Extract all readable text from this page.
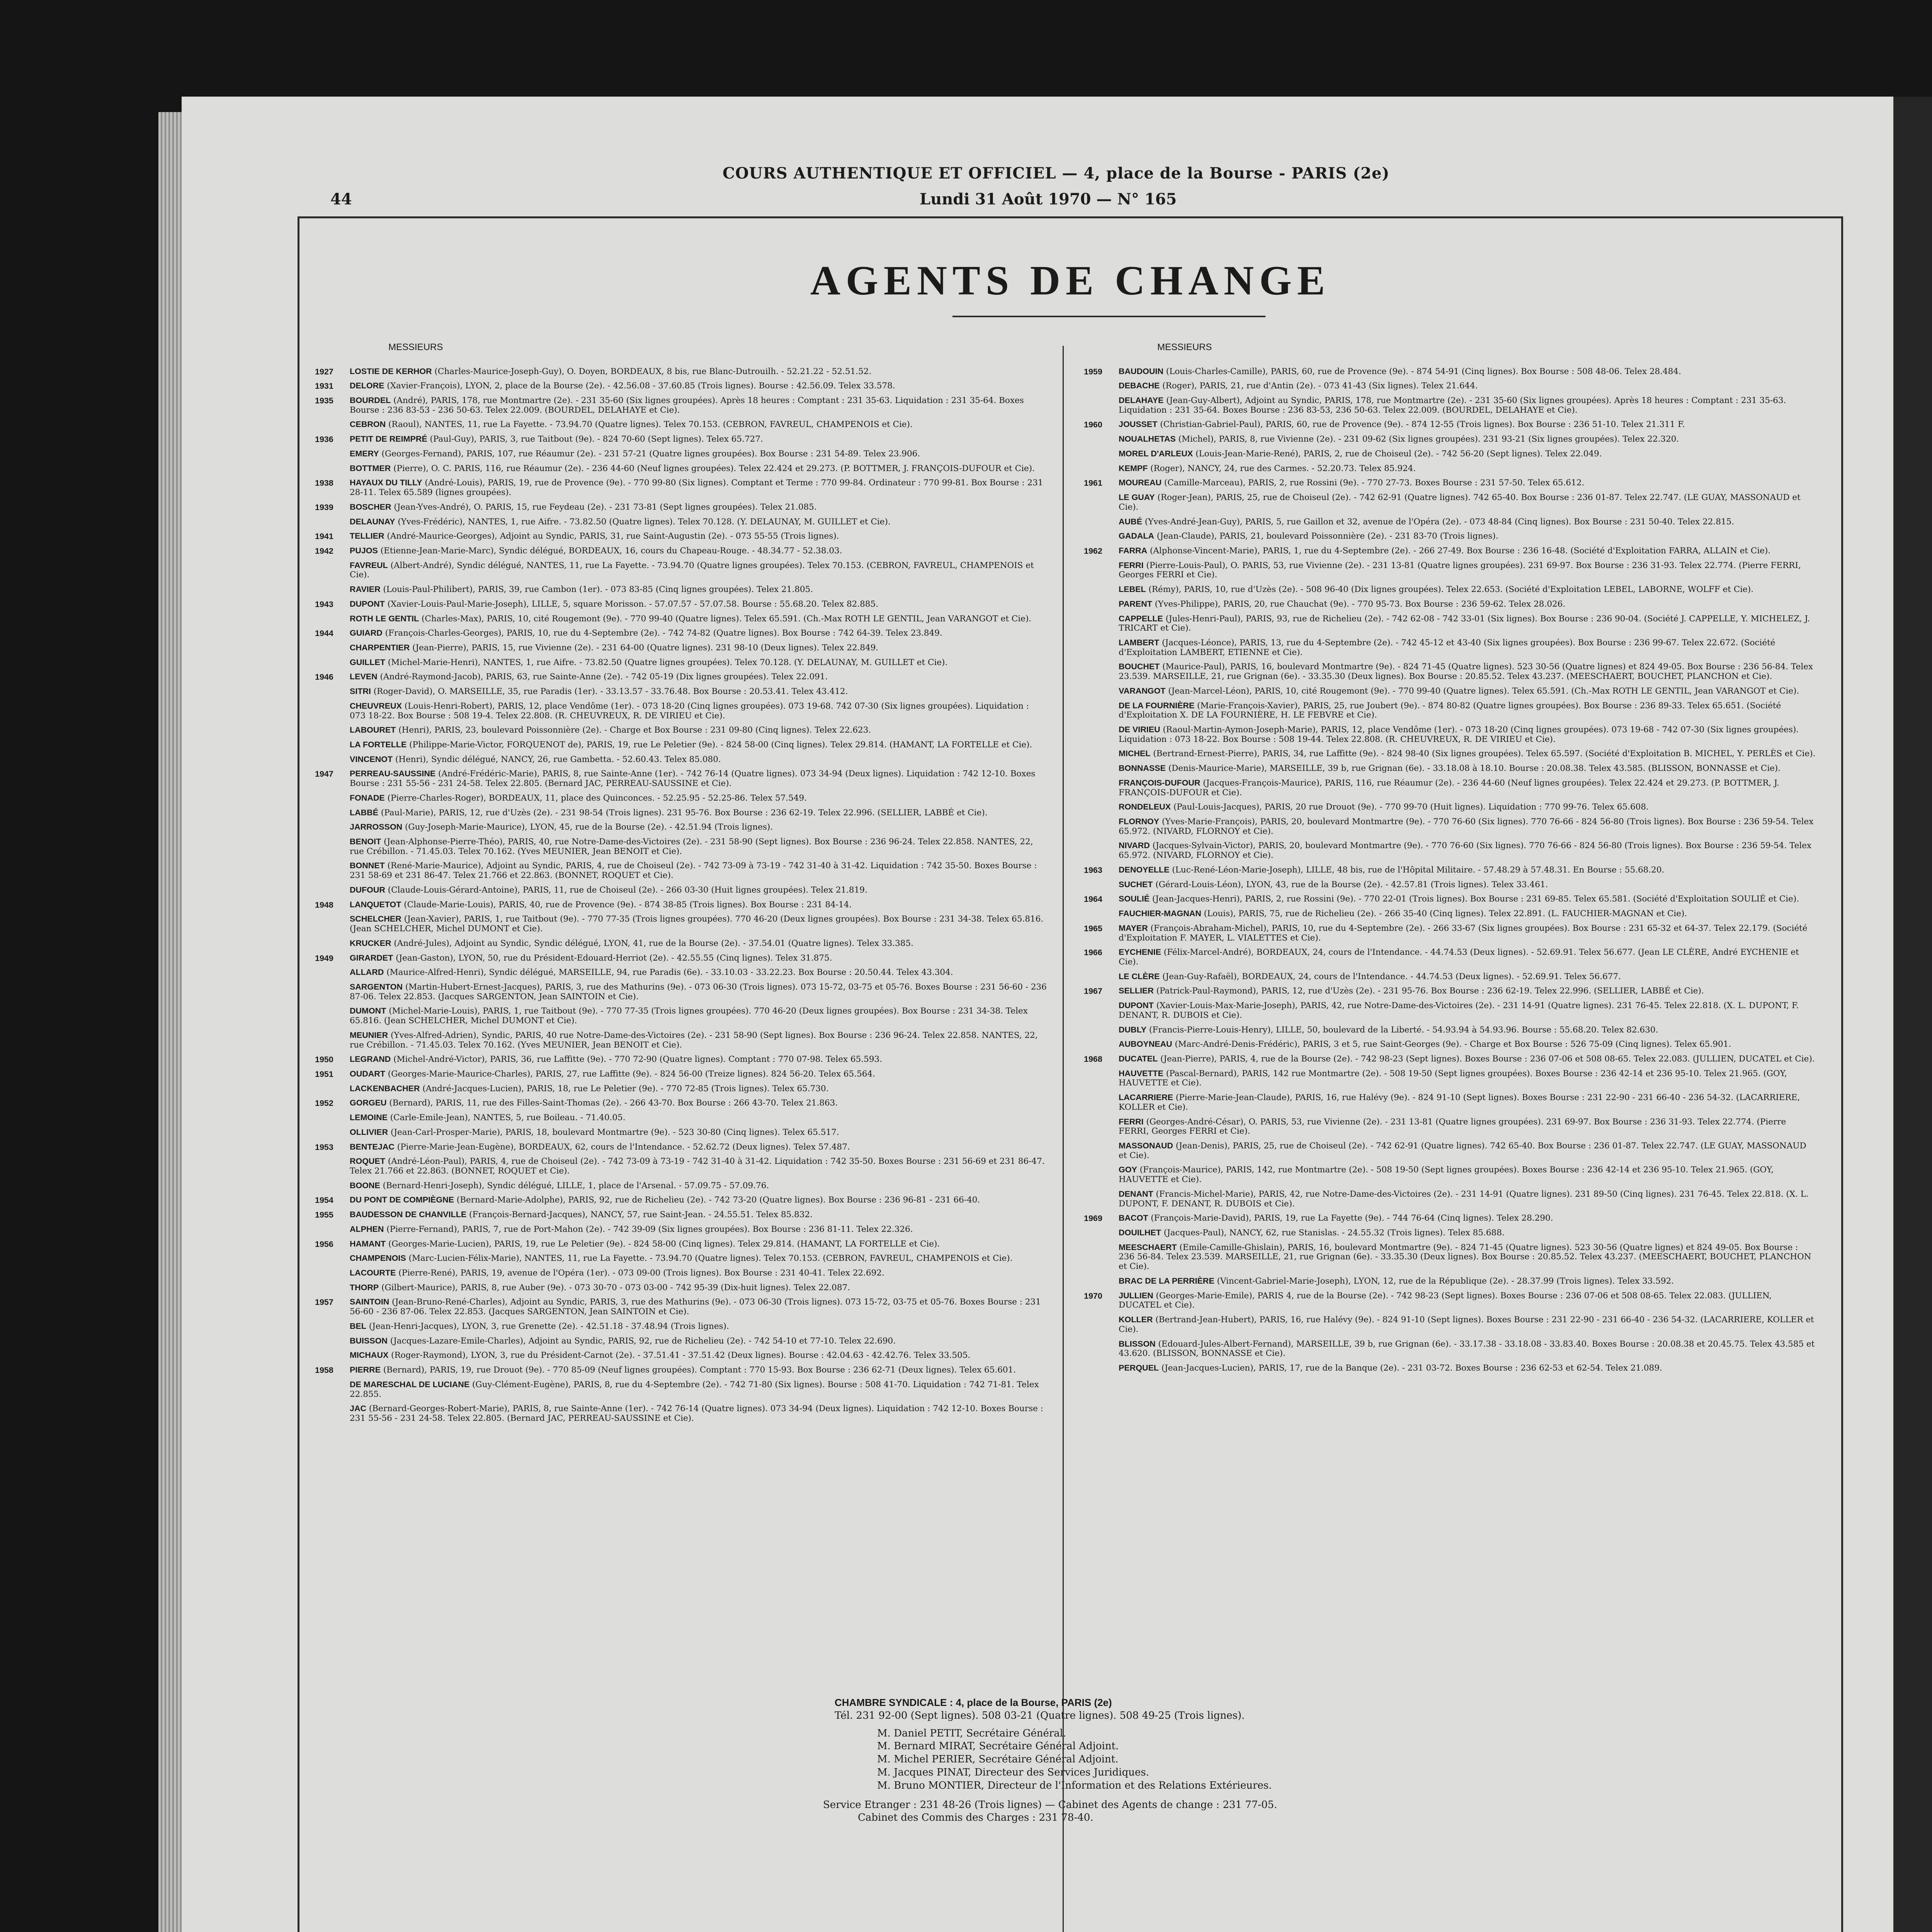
COURS AUTHENTIQUE ET OFFICIEL — 4, place de la Bourse - PARIS (2e)
44	Lundi 31 Août 1970 — N° 165
AGENTS DE CHANGE
MESSIEURS
1927	LOSTIE DE KERHOR (Charles-Maurice-Joseph-Guy), O. Doyen, BORDEAUX, 8 bis, rue Blanc-Dutrouilh. - 52.21.22 - 52.51.52.
1931	DELORE (Xavier-François), LYON, 2, place de la Bourse (2e). - 42.56.08 - 37.60.85 (Trois lignes). Bourse : 42.56.09. Telex 33.578.
1935	BOURDEL (André), PARIS, 178, rue Montmartre (2e). - 231 35-60 (Six lignes groupées). Après 18 heures : Comptant : 231 35-63. Liquidation : 231 35-64. Boxes Bourse : 236 83-53 - 236 50-63. Telex 22.009. (BOURDEL, DELAHAYE et Cie).
CEBRON (Raoul), NANTES, 11, rue La Fayette. - 73.94.70 (Quatre lignes). Telex 70.153. (CEBRON, FAVREUL, CHAMPENOIS et Cie).
1936	PETIT DE REIMPRÉ (Paul-Guy), PARIS, 3, rue Taitbout (9e). - 824 70-60 (Sept lignes). Telex 65.727.
EMERY (Georges-Fernand), PARIS, 107, rue Réaumur (2e). - 231 57-21 (Quatre lignes groupées). Box Bourse : 231 54-89. Telex 23.906.
BOTTMER (Pierre), O. C. PARIS, 116, rue Réaumur (2e). - 236 44-60 (Neuf lignes groupées). Telex 22.424 et 29.273. (P. BOTTMER, J. FRANÇOIS-DUFOUR et Cie).
1938	HAYAUX DU TILLY (André-Louis), PARIS, 19, rue de Provence (9e). - 770 99-80 (Six lignes). Comptant et Terme : 770 99-84. Ordinateur : 770 99-81. Box Bourse : 231 28-11. Telex 65.589 (lignes groupées).
1939	BOSCHER (Jean-Yves-André), O. PARIS, 15, rue Feydeau (2e). - 231 73-81 (Sept lignes groupées). Telex 21.085.
DELAUNAY (Yves-Frédéric), NANTES, 1, rue Aifre. - 73.82.50 (Quatre lignes). Telex 70.128. (Y. DELAUNAY, M. GUILLET et Cie).
1941	TELLIER (André-Maurice-Georges), Adjoint au Syndic, PARIS, 31, rue Saint-Augustin (2e). - 073 55-55 (Trois lignes).
1942	PUJOS (Etienne-Jean-Marie-Marc), Syndic délégué, BORDEAUX, 16, cours du Chapeau-Rouge. - 48.34.77 - 52.38.03.
FAVREUL (Albert-André), Syndic délégué, NANTES, 11, rue La Fayette. - 73.94.70 (Quatre lignes groupées). Telex 70.153. (CEBRON, FAVREUL, CHAMPENOIS et Cie).
RAVIER (Louis-Paul-Philibert), PARIS, 39, rue Cambon (1er). - 073 83-85 (Cinq lignes groupées). Telex 21.805.
1943	DUPONT (Xavier-Louis-Paul-Marie-Joseph), LILLE, 5, square Morisson. - 57.07.57 - 57.07.58. Bourse : 55.68.20. Telex 82.885.
ROTH LE GENTIL (Charles-Max), PARIS, 10, cité Rougemont (9e). - 770 99-40 (Quatre lignes). Telex 65.591. (Ch.-Max ROTH LE GENTIL, Jean VARANGOT et Cie).
1944	GUIARD (François-Charles-Georges), PARIS, 10, rue du 4-Septembre (2e). - 742 74-82 (Quatre lignes). Box Bourse : 742 64-39. Telex 23.849.
CHARPENTIER (Jean-Pierre), PARIS, 15, rue Vivienne (2e). - 231 64-00 (Quatre lignes). 231 98-10 (Deux lignes). Telex 22.849.
GUILLET (Michel-Marie-Henri), NANTES, 1, rue Aifre. - 73.82.50 (Quatre lignes groupées). Telex 70.128. (Y. DELAUNAY, M. GUILLET et Cie).
1946	LEVEN (André-Raymond-Jacob), PARIS, 63, rue Sainte-Anne (2e). - 742 05-19 (Dix lignes groupées). Telex 22.091.
SITRI (Roger-David), O. MARSEILLE, 35, rue Paradis (1er). - 33.13.57 - 33.76.48. Box Bourse : 20.53.41. Telex 43.412.
CHEUVREUX (Louis-Henri-Robert), PARIS, 12, place Vendôme (1er). - 073 18-20 (Cinq lignes groupées). 073 19-68. 742 07-30 (Six lignes groupées). Liquidation : 073 18-22. Box Bourse : 508 19-4. Telex 22.808. (R. CHEUVREUX, R. DE VIRIEU et Cie).
LABOURET (Henri), PARIS, 23, boulevard Poissonnière (2e). - Charge et Box Bourse : 231 09-80 (Cinq lignes). Telex 22.623.
LA FORTELLE (Philippe-Marie-Victor, FORQUENOT de), PARIS, 19, rue Le Peletier (9e). - 824 58-00 (Cinq lignes). Telex 29.814. (HAMANT, LA FORTELLE et Cie).
VINCENOT (Henri), Syndic délégué, NANCY, 26, rue Gambetta. - 52.60.43. Telex 85.080.
1947	PERREAU-SAUSSINE (André-Frédéric-Marie), PARIS, 8, rue Sainte-Anne (1er). - 742 76-14 (Quatre lignes). 073 34-94 (Deux lignes). Liquidation : 742 12-10. Boxes Bourse : 231 55-56 - 231 24-58. Telex 22.805. (Bernard JAC, PERREAU-SAUSSINE et Cie).
FONADE (Pierre-Charles-Roger), BORDEAUX, 11, place des Quinconces. - 52.25.95 - 52.25-86. Telex 57.549.
LABBÉ (Paul-Marie), PARIS, 12, rue d'Uzès (2e). - 231 98-54 (Trois lignes). 231 95-76. Box Bourse : 236 62-19. Telex 22.996. (SELLIER, LABBÉ et Cie).
JARROSSON (Guy-Joseph-Marie-Maurice), LYON, 45, rue de la Bourse (2e). - 42.51.94 (Trois lignes).
BENOIT (Jean-Alphonse-Pierre-Théo), PARIS, 40, rue Notre-Dame-des-Victoires (2e). - 231 58-90 (Sept lignes). Box Bourse : 236 96-24. Telex 22.858. NANTES, 22, rue Crébillon. - 71.45.03. Telex 70.162. (Yves MEUNIER, Jean BENOIT et Cie).
BONNET (René-Marie-Maurice), Adjoint au Syndic, PARIS, 4, rue de Choiseul (2e). - 742 73-09 à 73-19 - 742 31-40 à 31-42. Liquidation : 742 35-50. Boxes Bourse : 231 58-69 et 231 86-47. Telex 21.766 et 22.863. (BONNET, ROQUET et Cie).
DUFOUR (Claude-Louis-Gérard-Antoine), PARIS, 11, rue de Choiseul (2e). - 266 03-30 (Huit lignes groupées). Telex 21.819.
1948	LANQUETOT (Claude-Marie-Louis), PARIS, 40, rue de Provence (9e). - 874 38-85 (Trois lignes). Box Bourse : 231 84-14.
SCHELCHER (Jean-Xavier), PARIS, 1, rue Taitbout (9e). - 770 77-35 (Trois lignes groupées). 770 46-20 (Deux lignes groupées). Box Bourse : 231 34-38. Telex 65.816. (Jean SCHELCHER, Michel DUMONT et Cie).
KRUCKER (André-Jules), Adjoint au Syndic, Syndic délégué, LYON, 41, rue de la Bourse (2e). - 37.54.01 (Quatre lignes). Telex 33.385.
1949	GIRARDET (Jean-Gaston), LYON, 50, rue du Président-Edouard-Herriot (2e). - 42.55.55 (Cinq lignes). Telex 31.875.
ALLARD (Maurice-Alfred-Henri), Syndic délégué, MARSEILLE, 94, rue Paradis (6e). - 33.10.03 - 33.22.23. Box Bourse : 20.50.44. Telex 43.304.
SARGENTON (Martin-Hubert-Ernest-Jacques), PARIS, 3, rue des Mathurins (9e). - 073 06-30 (Trois lignes). 073 15-72, 03-75 et 05-76. Boxes Bourse : 231 56-60 - 236 87-06. Telex 22.853. (Jacques SARGENTON, Jean SAINTOIN et Cie).
DUMONT (Michel-Marie-Louis), PARIS, 1, rue Taitbout (9e). - 770 77-35 (Trois lignes groupées). 770 46-20 (Deux lignes groupées). Box Bourse : 231 34-38. Telex 65.816. (Jean SCHELCHER, Michel DUMONT et Cie).
MEUNIER (Yves-Alfred-Adrien), Syndic, PARIS, 40 rue Notre-Dame-des-Victoires (2e). - 231 58-90 (Sept lignes). Box Bourse : 236 96-24. Telex 22.858. NANTES, 22, rue Crébillon. - 71.45.03. Telex 70.162. (Yves MEUNIER, Jean BENOIT et Cie).
1950	LEGRAND (Michel-André-Victor), PARIS, 36, rue Laffitte (9e). - 770 72-90 (Quatre lignes). Comptant : 770 07-98. Telex 65.593.
1951	OUDART (Georges-Marie-Maurice-Charles), PARIS, 27, rue Laffitte (9e). - 824 56-00 (Treize lignes). 824 56-20. Telex 65.564.
LACKENBACHER (André-Jacques-Lucien), PARIS, 18, rue Le Peletier (9e). - 770 72-85 (Trois lignes). Telex 65.730.
1952	GORGEU (Bernard), PARIS, 11, rue des Filles-Saint-Thomas (2e). - 266 43-70. Box Bourse : 266 43-70. Telex 21.863.
LEMOINE (Carle-Emile-Jean), NANTES, 5, rue Boileau. - 71.40.05.
OLLIVIER (Jean-Carl-Prosper-Marie), PARIS, 18, boulevard Montmartre (9e). - 523 30-80 (Cinq lignes). Telex 65.517.
1953	BENTEJAC (Pierre-Marie-Jean-Eugène), BORDEAUX, 62, cours de l'Intendance. - 52.62.72 (Deux lignes). Telex 57.487.
ROQUET (André-Léon-Paul), PARIS, 4, rue de Choiseul (2e). - 742 73-09 à 73-19 - 742 31-40 à 31-42. Liquidation : 742 35-50. Boxes Bourse : 231 56-69 et 231 86-47. Telex 21.766 et 22.863. (BONNET, ROQUET et Cie).
BOONE (Bernard-Henri-Joseph), Syndic délégué, LILLE, 1, place de l'Arsenal. - 57.09.75 - 57.09.76.
1954	DU PONT DE COMPIÈGNE (Bernard-Marie-Adolphe), PARIS, 92, rue de Richelieu (2e). - 742 73-20 (Quatre lignes). Box Bourse : 236 96-81 - 231 66-40.
1955	BAUDESSON DE CHANVILLE (François-Bernard-Jacques), NANCY, 57, rue Saint-Jean. - 24.55.51. Telex 85.832.
ALPHEN (Pierre-Fernand), PARIS, 7, rue de Port-Mahon (2e). - 742 39-09 (Six lignes groupées). Box Bourse : 236 81-11. Telex 22.326.
1956	HAMANT (Georges-Marie-Lucien), PARIS, 19, rue Le Peletier (9e). - 824 58-00 (Cinq lignes). Telex 29.814. (HAMANT, LA FORTELLE et Cie).
CHAMPENOIS (Marc-Lucien-Félix-Marie), NANTES, 11, rue La Fayette. - 73.94.70 (Quatre lignes). Telex 70.153. (CEBRON, FAVREUL, CHAMPENOIS et Cie).
LACOURTE (Pierre-René), PARIS, 19, avenue de l'Opéra (1er). - 073 09-00 (Trois lignes). Box Bourse : 231 40-41. Telex 22.692.
THORP (Gilbert-Maurice), PARIS, 8, rue Auber (9e). - 073 30-70 - 073 03-00 - 742 95-39 (Dix-huit lignes). Telex 22.087.
1957	SAINTOIN (Jean-Bruno-René-Charles), Adjoint au Syndic, PARIS, 3, rue des Mathurins (9e). - 073 06-30 (Trois lignes). 073 15-72, 03-75 et 05-76. Boxes Bourse : 231 56-60 - 236 87-06. Telex 22.853. (Jacques SARGENTON, Jean SAINTOIN et Cie).
BEL (Jean-Henri-Jacques), LYON, 3, rue Grenette (2e). - 42.51.18 - 37.48.94 (Trois lignes).
BUISSON (Jacques-Lazare-Emile-Charles), Adjoint au Syndic, PARIS, 92, rue de Richelieu (2e). - 742 54-10 et 77-10. Telex 22.690.
MICHAUX (Roger-Raymond), LYON, 3, rue du Président-Carnot (2e). - 37.51.41 - 37.51.42 (Deux lignes). Bourse : 42.04.63 - 42.42.76. Telex 33.505.
1958	PIERRE (Bernard), PARIS, 19, rue Drouot (9e). - 770 85-09 (Neuf lignes groupées). Comptant : 770 15-93. Box Bourse : 236 62-71 (Deux lignes). Telex 65.601.
DE MARESCHAL DE LUCIANE (Guy-Clément-Eugène), PARIS, 8, rue du 4-Septembre (2e). - 742 71-80 (Six lignes). Bourse : 508 41-70. Liquidation : 742 71-81. Telex 22.855.
JAC (Bernard-Georges-Robert-Marie), PARIS, 8, rue Sainte-Anne (1er). - 742 76-14 (Quatre lignes). 073 34-94 (Deux lignes). Liquidation : 742 12-10. Boxes Bourse : 231 55-56 - 231 24-58. Telex 22.805. (Bernard JAC, PERREAU-SAUSSINE et Cie).
MESSIEURS
1959	BAUDOUIN (Louis-Charles-Camille), PARIS, 60, rue de Provence (9e). - 874 54-91 (Cinq lignes). Box Bourse : 508 48-06. Telex 28.484.
DEBACHE (Roger), PARIS, 21, rue d'Antin (2e). - 073 41-43 (Six lignes). Telex 21.644.
DELAHAYE (Jean-Guy-Albert), Adjoint au Syndic, PARIS, 178, rue Montmartre (2e). - 231 35-60 (Six lignes groupées). Après 18 heures : Comptant : 231 35-63. Liquidation : 231 35-64. Boxes Bourse : 236 83-53, 236 50-63. Telex 22.009. (BOURDEL, DELAHAYE et Cie).
1960	JOUSSET (Christian-Gabriel-Paul), PARIS, 60, rue de Provence (9e). - 874 12-55 (Trois lignes). Box Bourse : 236 51-10. Telex 21.311 F.
NOUALHETAS (Michel), PARIS, 8, rue Vivienne (2e). - 231 09-62 (Six lignes groupées). 231 93-21 (Six lignes groupées). Telex 22.320.
MOREL D'ARLEUX (Louis-Jean-Marie-René), PARIS, 2, rue de Choiseul (2e). - 742 56-20 (Sept lignes). Telex 22.049.
KEMPF (Roger), NANCY, 24, rue des Carmes. - 52.20.73. Telex 85.924.
1961	MOUREAU (Camille-Marceau), PARIS, 2, rue Rossini (9e). - 770 27-73. Boxes Bourse : 231 57-50. Telex 65.612.
LE GUAY (Roger-Jean), PARIS, 25, rue de Choiseul (2e). - 742 62-91 (Quatre lignes). 742 65-40. Box Bourse : 236 01-87. Telex 22.747. (LE GUAY, MASSONAUD et Cie).
AUBÉ (Yves-André-Jean-Guy), PARIS, 5, rue Gaillon et 32, avenue de l'Opéra (2e). - 073 48-84 (Cinq lignes). Box Bourse : 231 50-40. Telex 22.815.
GADALA (Jean-Claude), PARIS, 21, boulevard Poissonnière (2e). - 231 83-70 (Trois lignes).
1962	FARRA (Alphonse-Vincent-Marie), PARIS, 1, rue du 4-Septembre (2e). - 266 27-49. Box Bourse : 236 16-48. (Société d'Exploitation FARRA, ALLAIN et Cie).
FERRI (Pierre-Louis-Paul), O. PARIS, 53, rue Vivienne (2e). - 231 13-81 (Quatre lignes groupées). 231 69-97. Box Bourse : 236 31-93. Telex 22.774. (Pierre FERRI, Georges FERRI et Cie).
LEBEL (Rémy), PARIS, 10, rue d'Uzès (2e). - 508 96-40 (Dix lignes groupées). Telex 22.653. (Société d'Exploitation LEBEL, LABORNE, WOLFF et Cie).
PARENT (Yves-Philippe), PARIS, 20, rue Chauchat (9e). - 770 95-73. Box Bourse : 236 59-62. Telex 28.026.
CAPPELLE (Jules-Henri-Paul), PARIS, 93, rue de Richelieu (2e). - 742 62-08 - 742 33-01 (Six lignes). Box Bourse : 236 90-04. (Société J. CAPPELLE, Y. MICHELEZ, J. TRICART et Cie).
LAMBERT (Jacques-Léonce), PARIS, 13, rue du 4-Septembre (2e). - 742 45-12 et 43-40 (Six lignes groupées). Box Bourse : 236 99-67. Telex 22.672. (Société d'Exploitation LAMBERT, ETIENNE et Cie).
BOUCHET (Maurice-Paul), PARIS, 16, boulevard Montmartre (9e). - 824 71-45 (Quatre lignes). 523 30-56 (Quatre lignes) et 824 49-05. Box Bourse : 236 56-84. Telex 23.539. MARSEILLE, 21, rue Grignan (6e). - 33.35.30 (Deux lignes). Box Bourse : 20.85.52. Telex 43.237. (MEESCHAERT, BOUCHET, PLANCHON et Cie).
VARANGOT (Jean-Marcel-Léon), PARIS, 10, cité Rougemont (9e). - 770 99-40 (Quatre lignes). Telex 65.591. (Ch.-Max ROTH LE GENTIL, Jean VARANGOT et Cie).
DE LA FOURNIÈRE (Marie-François-Xavier), PARIS, 25, rue Joubert (9e). - 874 80-82 (Quatre lignes groupées). Box Bourse : 236 89-33. Telex 65.651. (Société d'Exploitation X. DE LA FOURNIÈRE, H. LE FEBVRE et Cie).
DE VIRIEU (Raoul-Martin-Aymon-Joseph-Marie), PARIS, 12, place Vendôme (1er). - 073 18-20 (Cinq lignes groupées). 073 19-68 - 742 07-30 (Six lignes groupées). Liquidation : 073 18-22. Box Bourse : 508 19-44. Telex 22.808. (R. CHEUVREUX, R. DE VIRIEU et Cie).
MICHEL (Bertrand-Ernest-Pierre), PARIS, 34, rue Laffitte (9e). - 824 98-40 (Six lignes groupées). Telex 65.597. (Société d'Exploitation B. MICHEL, Y. PERLÈS et Cie).
BONNASSE (Denis-Maurice-Marie), MARSEILLE, 39 b, rue Grignan (6e). - 33.18.08 à 18.10. Bourse : 20.08.38. Telex 43.585. (BLISSON, BONNASSE et Cie).
FRANÇOIS-DUFOUR (Jacques-François-Maurice), PARIS, 116, rue Réaumur (2e). - 236 44-60 (Neuf lignes groupées). Telex 22.424 et 29.273. (P. BOTTMER, J. FRANÇOIS-DUFOUR et Cie).
RONDELEUX (Paul-Louis-Jacques), PARIS, 20 rue Drouot (9e). - 770 99-70 (Huit lignes). Liquidation : 770 99-76. Telex 65.608.
FLORNOY (Yves-Marie-François), PARIS, 20, boulevard Montmartre (9e). - 770 76-60 (Six lignes). 770 76-66 - 824 56-80 (Trois lignes). Box Bourse : 236 59-54. Telex 65.972. (NIVARD, FLORNOY et Cie).
NIVARD (Jacques-Sylvain-Victor), PARIS, 20, boulevard Montmartre (9e). - 770 76-60 (Six lignes). 770 76-66 - 824 56-80 (Trois lignes). Box Bourse : 236 59-54. Telex 65.972. (NIVARD, FLORNOY et Cie).
1963	DENOYELLE (Luc-René-Léon-Marie-Joseph), LILLE, 48 bis, rue de l'Hôpital Militaire. - 57.48.29 à 57.48.31. En Bourse : 55.68.20.
SUCHET (Gérard-Louis-Léon), LYON, 43, rue de la Bourse (2e). - 42.57.81 (Trois lignes). Telex 33.461.
1964	SOULIÉ (Jean-Jacques-Henri), PARIS, 2, rue Rossini (9e). - 770 22-01 (Trois lignes). Box Bourse : 231 69-85. Telex 65.581. (Société d'Exploitation SOULIÉ et Cie).
FAUCHIER-MAGNAN (Louis), PARIS, 75, rue de Richelieu (2e). - 266 35-40 (Cinq lignes). Telex 22.891. (L. FAUCHIER-MAGNAN et Cie).
1965	MAYER (François-Abraham-Michel), PARIS, 10, rue du 4-Septembre (2e). - 266 33-67 (Six lignes groupées). Box Bourse : 231 65-32 et 64-37. Telex 22.179. (Société d'Exploitation F. MAYER, L. VIALETTES et Cie).
1966	EYCHENIE (Félix-Marcel-André), BORDEAUX, 24, cours de l'Intendance. - 44.74.53 (Deux lignes). - 52.69.91. Telex 56.677. (Jean LE CLÈRE, André EYCHENIE et Cie).
LE CLÈRE (Jean-Guy-Rafaël), BORDEAUX, 24, cours de l'Intendance. - 44.74.53 (Deux lignes). - 52.69.91. Telex 56.677.
1967	SELLIER (Patrick-Paul-Raymond), PARIS, 12, rue d'Uzès (2e). - 231 95-76. Box Bourse : 236 62-19. Telex 22.996. (SELLIER, LABBÉ et Cie).
DUPONT (Xavier-Louis-Max-Marie-Joseph), PARIS, 42, rue Notre-Dame-des-Victoires (2e). - 231 14-91 (Quatre lignes). 231 76-45. Telex 22.818. (X. L. DUPONT, F. DENANT, R. DUBOIS et Cie).
DUBLY (Francis-Pierre-Louis-Henry), LILLE, 50, boulevard de la Liberté. - 54.93.94 à 54.93.96. Bourse : 55.68.20. Telex 82.630.
AUBOYNEAU (Marc-André-Denis-Frédéric), PARIS, 3 et 5, rue Saint-Georges (9e). - Charge et Box Bourse : 526 75-09 (Cinq lignes). Telex 65.901.
1968	DUCATEL (Jean-Pierre), PARIS, 4, rue de la Bourse (2e). - 742 98-23 (Sept lignes). Boxes Bourse : 236 07-06 et 508 08-65. Telex 22.083. (JULLIEN, DUCATEL et Cie).
HAUVETTE (Pascal-Bernard), PARIS, 142 rue Montmartre (2e). - 508 19-50 (Sept lignes groupées). Boxes Bourse : 236 42-14 et 236 95-10. Telex 21.965. (GOY, HAUVETTE et Cie).
LACARRIERE (Pierre-Marie-Jean-Claude), PARIS, 16, rue Halévy (9e). - 824 91-10 (Sept lignes). Boxes Bourse : 231 22-90 - 231 66-40 - 236 54-32. (LACARRIERE, KOLLER et Cie).
FERRI (Georges-André-César), O. PARIS, 53, rue Vivienne (2e). - 231 13-81 (Quatre lignes groupées). 231 69-97. Box Bourse : 236 31-93. Telex 22.774. (Pierre FERRI, Georges FERRI et Cie).
MASSONAUD (Jean-Denis), PARIS, 25, rue de Choiseul (2e). - 742 62-91 (Quatre lignes). 742 65-40. Box Bourse : 236 01-87. Telex 22.747. (LE GUAY, MASSONAUD et Cie).
GOY (François-Maurice), PARIS, 142, rue Montmartre (2e). - 508 19-50 (Sept lignes groupées). Boxes Bourse : 236 42-14 et 236 95-10. Telex 21.965. (GOY, HAUVETTE et Cie).
DENANT (Francis-Michel-Marie), PARIS, 42, rue Notre-Dame-des-Victoires (2e). - 231 14-91 (Quatre lignes). 231 89-50 (Cinq lignes). 231 76-45. Telex 22.818. (X. L. DUPONT, F. DENANT, R. DUBOIS et Cie).
1969	BACOT (François-Marie-David), PARIS, 19, rue La Fayette (9e). - 744 76-64 (Cinq lignes). Telex 28.290.
DOUILHET (Jacques-Paul), NANCY, 62, rue Stanislas. - 24.55.32 (Trois lignes). Telex 85.688.
MEESCHAERT (Emile-Camille-Ghislain), PARIS, 16, boulevard Montmartre (9e). - 824 71-45 (Quatre lignes). 523 30-56 (Quatre lignes) et 824 49-05. Box Bourse : 236 56-84. Telex 23.539. MARSEILLE, 21, rue Grignan (6e). - 33.35.30 (Deux lignes). Box Bourse : 20.85.52. Telex 43.237. (MEESCHAERT, BOUCHET, PLANCHON et Cie).
BRAC DE LA PERRIÈRE (Vincent-Gabriel-Marie-Joseph), LYON, 12, rue de la République (2e). - 28.37.99 (Trois lignes). Telex 33.592.
1970	JULLIEN (Georges-Marie-Emile), PARIS 4, rue de la Bourse (2e). - 742 98-23 (Sept lignes). Boxes Bourse : 236 07-06 et 508 08-65. Telex 22.083. (JULLIEN, DUCATEL et Cie).
KOLLER (Bertrand-Jean-Hubert), PARIS, 16, rue Halévy (9e). - 824 91-10 (Sept lignes). Boxes Bourse : 231 22-90 - 231 66-40 - 236 54-32. (LACARRIERE, KOLLER et Cie).
BLISSON (Edouard-Jules-Albert-Fernand), MARSEILLE, 39 b, rue Grignan (6e). - 33.17.38 - 33.18.08 - 33.83.40. Boxes Bourse : 20.08.38 et 20.45.75. Telex 43.585 et 43.620. (BLISSON, BONNASSE et Cie).
PERQUEL (Jean-Jacques-Lucien), PARIS, 17, rue de la Banque (2e). - 231 03-72. Boxes Bourse : 236 62-53 et 62-54. Telex 21.089.
CHAMBRE SYNDICALE : 4, place de la Bourse, PARIS (2e)
Tél. 231 92-00 (Sept lignes). 508 03-21 (Quatre lignes). 508 49-25 (Trois lignes).
M. Daniel PETIT, Secrétaire Général.
M. Bernard MIRAT, Secrétaire Général Adjoint.
M. Michel PERIER, Secrétaire Général Adjoint.
M. Jacques PINAT, Directeur des Services Juridiques.
M. Bruno MONTIER, Directeur de l'Information et des Relations Extérieures.
Service Etranger : 231 48-26 (Trois lignes) — Cabinet des Agents de change : 231 77-05.
Cabinet des Commis des Charges : 231 78-40.
